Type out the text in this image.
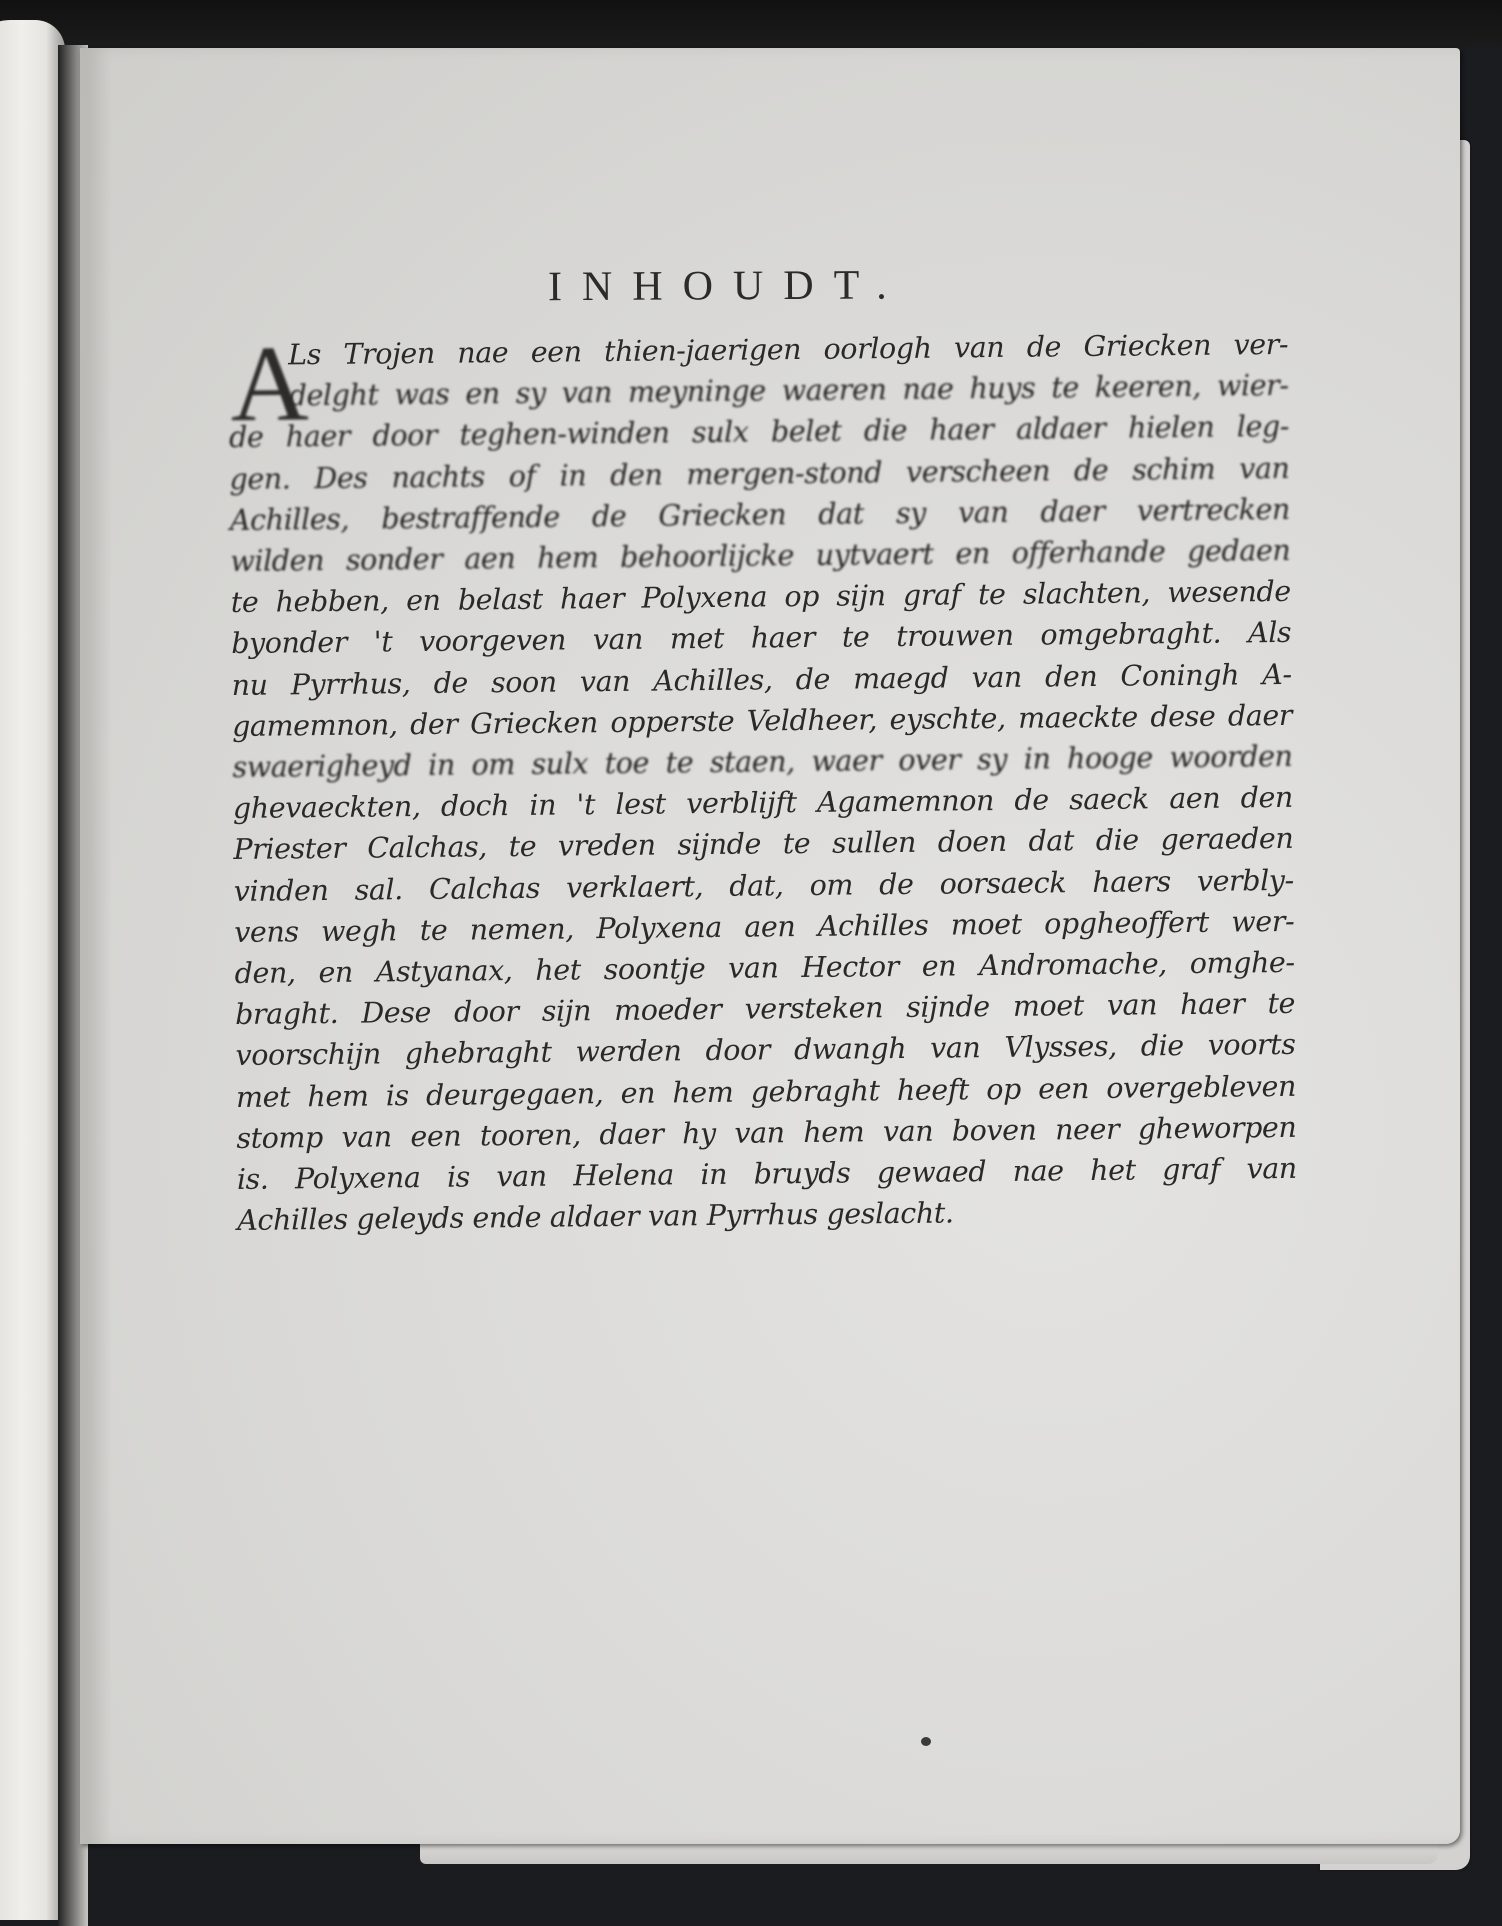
INHOUDT.
A
Ls Trojen nae een thien-jaerigen oorlogh van de Griecken ver-
delght was en sy van meyninge waeren nae huys te keeren, wier-
de haer door teghen-winden sulx belet die haer aldaer hielen leg-
gen. Des nachts of in den mergen-stond verscheen de schim van
Achilles, bestraffende de Griecken dat sy van daer vertrecken
wilden sonder aen hem behoorlijcke uytvaert en offerhande gedaen
te hebben, en belast haer Polyxena op sijn graf te slachten, wesende
byonder 't voorgeven van met haer te trouwen omgebraght. Als
nu Pyrrhus, de soon van Achilles, de maegd van den Coningh A-
gamemnon, der Griecken opperste Veldheer, eyschte, maeckte dese daer
swaerigheyd in om sulx toe te staen, waer over sy in hooge woorden
ghevaeckten, doch in 't lest verblijft Agamemnon de saeck aen den
Priester Calchas, te vreden sijnde te sullen doen dat die geraeden
vinden sal. Calchas verklaert, dat, om de oorsaeck haers verbly-
vens wegh te nemen, Polyxena aen Achilles moet opgheoffert wer-
den, en Astyanax, het soontje van Hector en Andromache, omghe-
braght. Dese door sijn moeder versteken sijnde moet van haer te
voorschijn ghebraght werden door dwangh van Vlysses, die voorts
met hem is deurgegaen, en hem gebraght heeft op een overgebleven
stomp van een tooren, daer hy van hem van boven neer gheworpen
is. Polyxena is van Helena in bruyds gewaed nae het graf van
Achilles geleyds ende aldaer van Pyrrhus geslacht.
